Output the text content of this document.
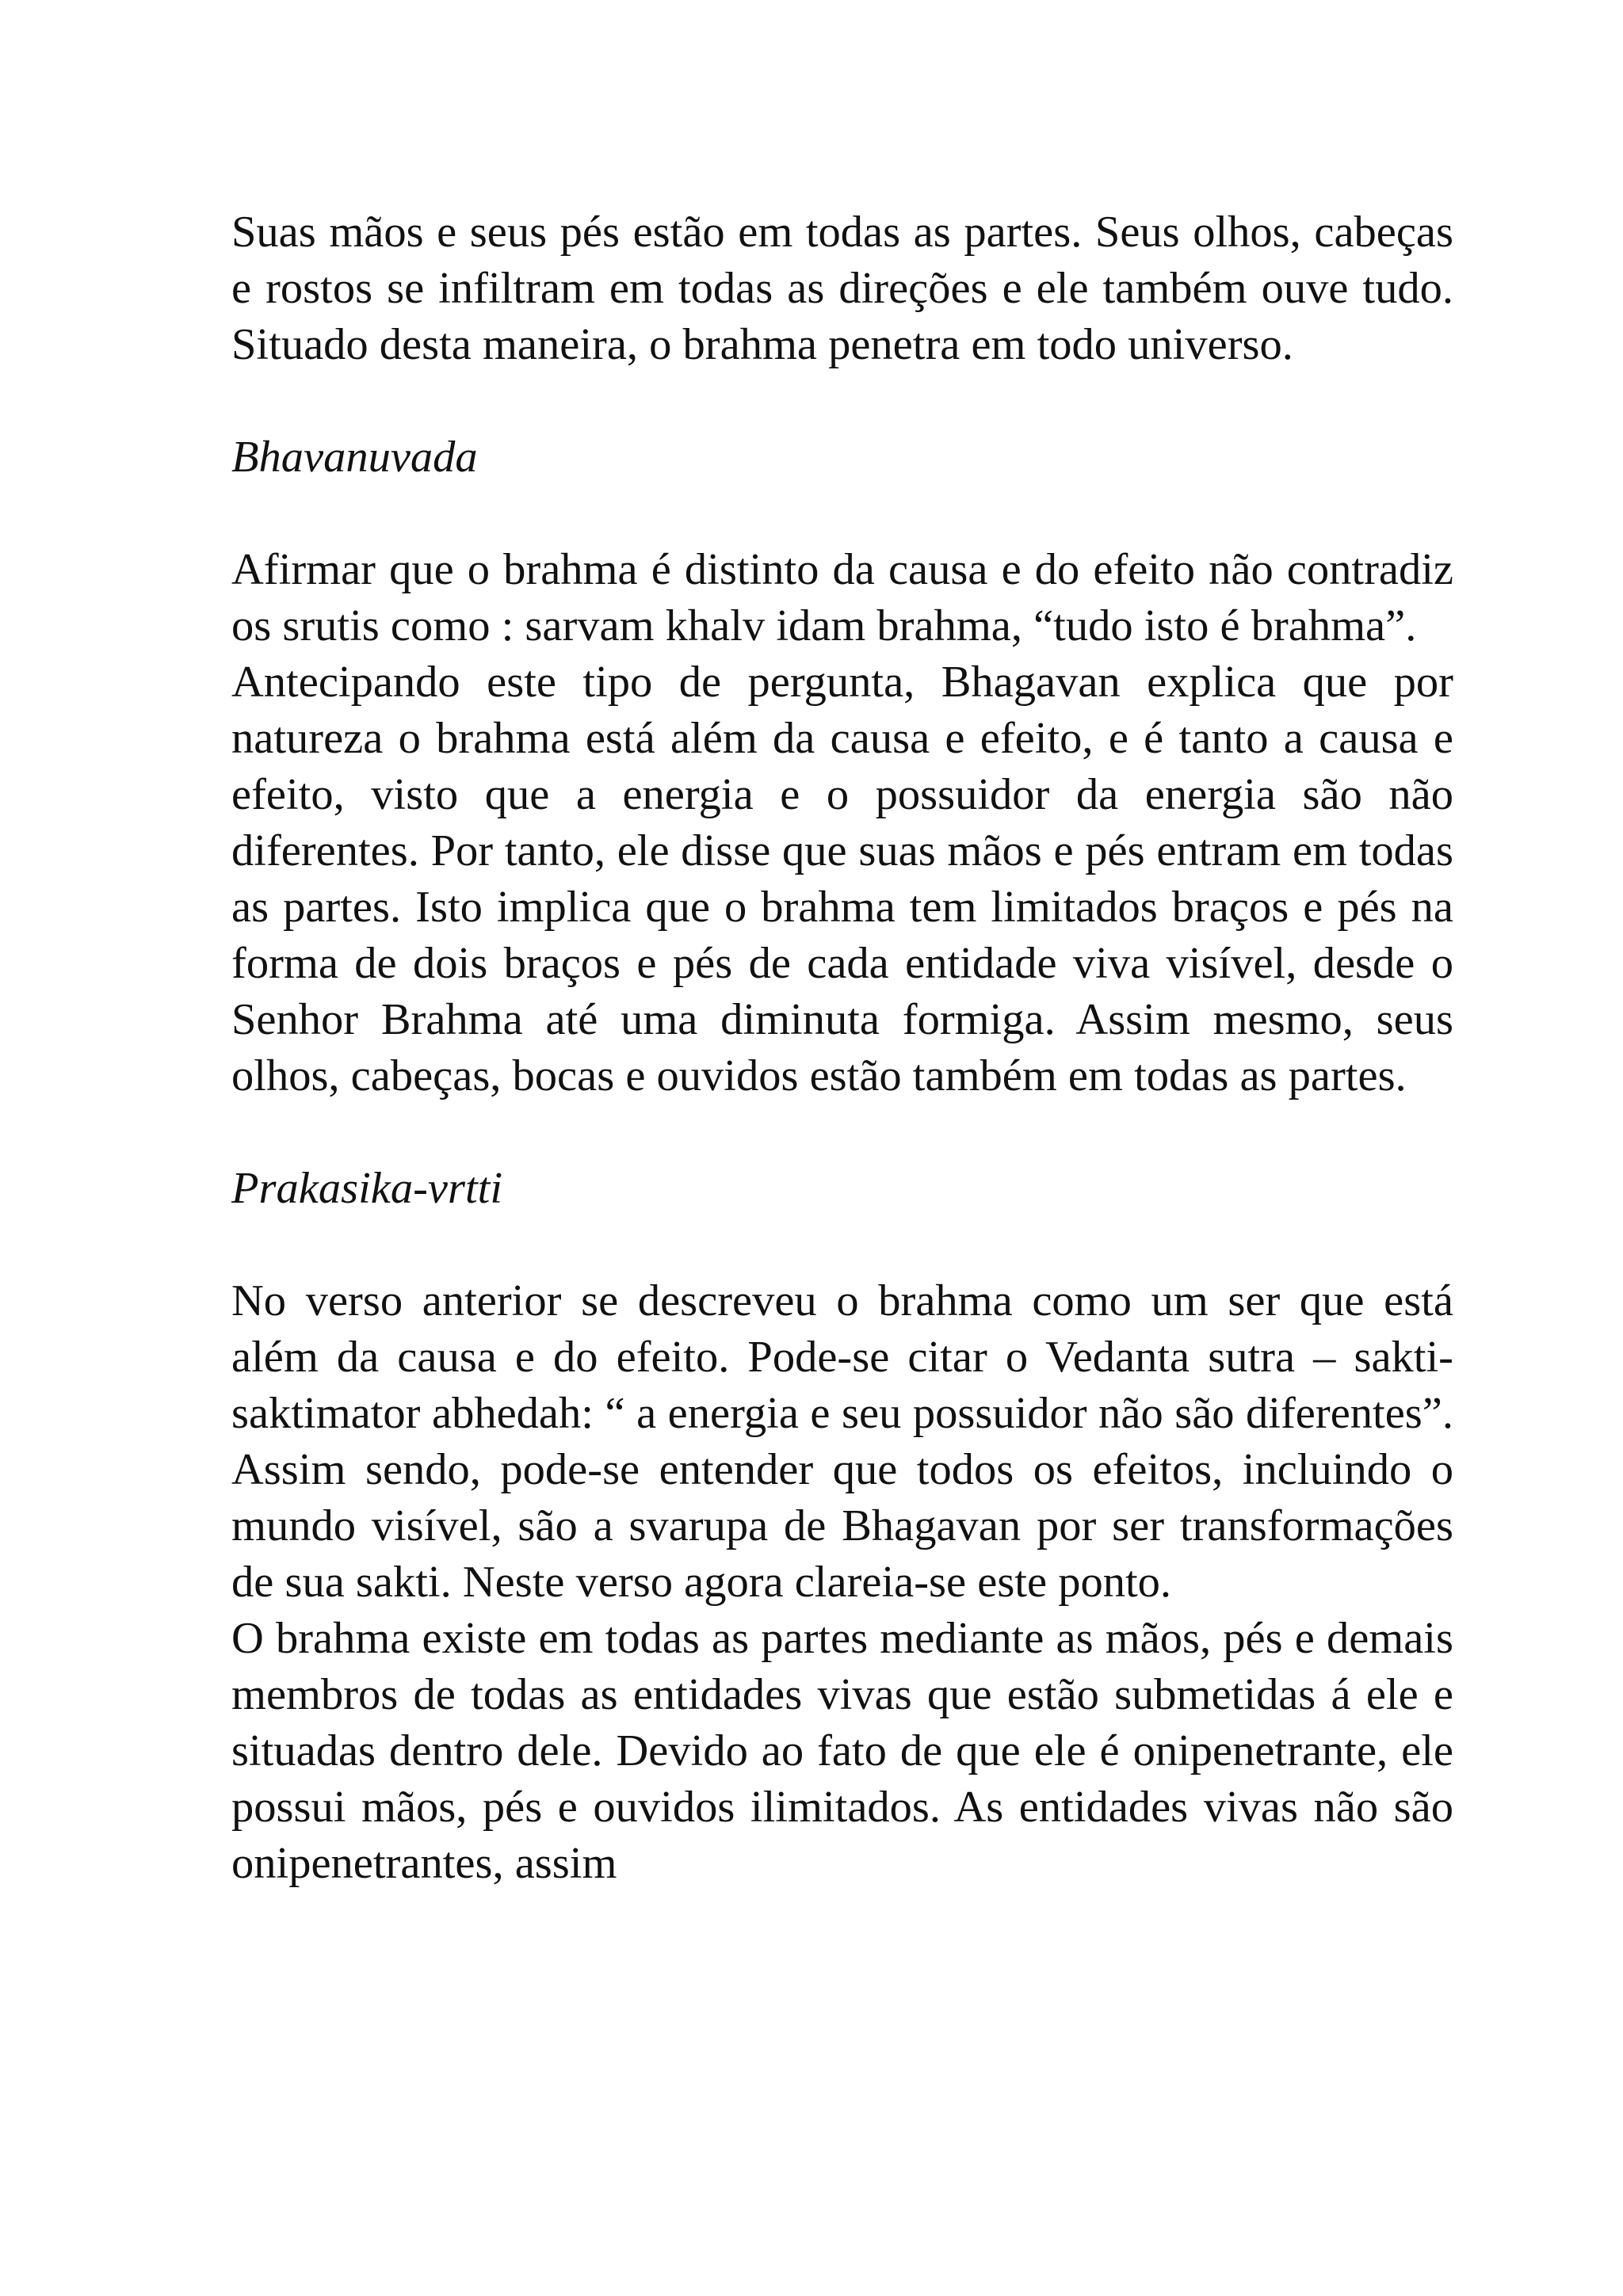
Suas mãos e seus pés estão em todas as partes. Seus olhos, cabeças e rostos se infiltram em todas as direções e ele também ouve tudo. Situado desta maneira, o brahma penetra em todo universo.

Bhavanuvada

Afirmar que o brahma é distinto da causa e do efeito não contradiz os srutis como : sarvam khalv idam brahma, “tudo isto é brahma”.

Antecipando este tipo de pergunta, Bhagavan explica que por natureza o brahma está além da causa e efeito, e é tanto a causa e efeito, visto que a energia e o possuidor da energia são não diferentes. Por tanto, ele disse que suas mãos e pés entram em todas as partes. Isto implica que o brahma tem limitados braços e pés na forma de dois braços e pés de cada entidade viva visível, desde o Senhor Brahma até uma diminuta formiga. Assim mesmo, seus olhos, cabeças, bocas e ouvidos estão também em todas as partes.

Prakasika-vrtti

No verso anterior se descreveu o brahma como um ser que está além da causa e do efeito. Pode-se citar o Vedanta sutra – sakti-saktimator abhedah: “ a energia e seu possuidor não são diferentes”. Assim sendo, pode-se entender que todos os efeitos, incluindo o mundo visível, são a svarupa de Bhagavan por ser transformações de sua sakti. Neste verso agora clareia-se este ponto.

O brahma existe em todas as partes mediante as mãos, pés e demais membros de todas as entidades vivas que estão submetidas á ele e situadas dentro dele. Devido ao fato de que ele é onipenetrante, ele possui mãos, pés e ouvidos ilimitados. As entidades vivas não são onipenetrantes, assim
